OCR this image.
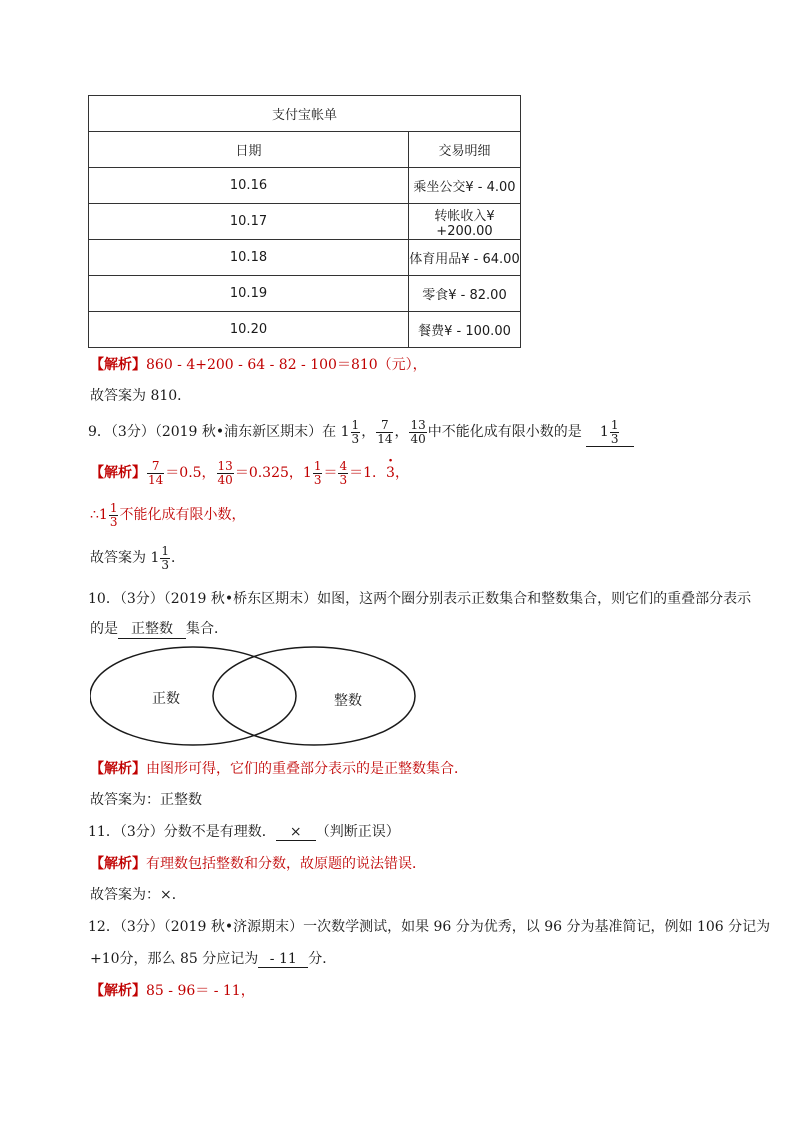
支付宝帐单	
日期	交易明细
10.16	乘坐公交¥ - 4.00
10.17	转帐收入¥+200.00
10.18	体育用品¥ - 64.00
10.19	零食¥ - 82.00
10.20	餐费¥ - 100.00
【解析】860 - 4+200 - 64 - 82 - 100＝810（元），
故答案为 810．
9．（3分）（2019 秋•浦东新区期末）在 $1 \frac{1}{3}$ ， $\frac{7}{14}$ ， $\frac{13}{40}$ 中不能化成有限小数的是 $1 \frac{1}{3}$
【解析】 $\frac{7}{14} =0.5$， $\frac{13}{40} =0.325$，$1 \frac{1}{3} = \frac{4}{3} =1$．· 3，
∴1 $\frac{1}{3}$ 不能化成有限小数，
故答案为 $1 \frac{1}{3}$ ．
10．（3分）（2019 秋•桥东区期末）如图，这两个圈分别表示正数集合和整数集合，则它们的重叠部分表示
的是 正整数 集合．
正数	整数
【解析】由图形可得，它们的重叠部分表示的是正整数集合．
故答案为：正整数
11．（3分）分数不是有理数． × （判断正误）
【解析】有理数包括整数和分数，故原题的说法错误．
故答案为：×．
12．（3分）（2019 秋•济源期末）一次数学测试，如果 96 分为优秀，以 96 分为基准简记，例如 106 分记为
+10分，那么 85 分应记为 - 11 分．
【解析】85 - 96＝ - 11，
